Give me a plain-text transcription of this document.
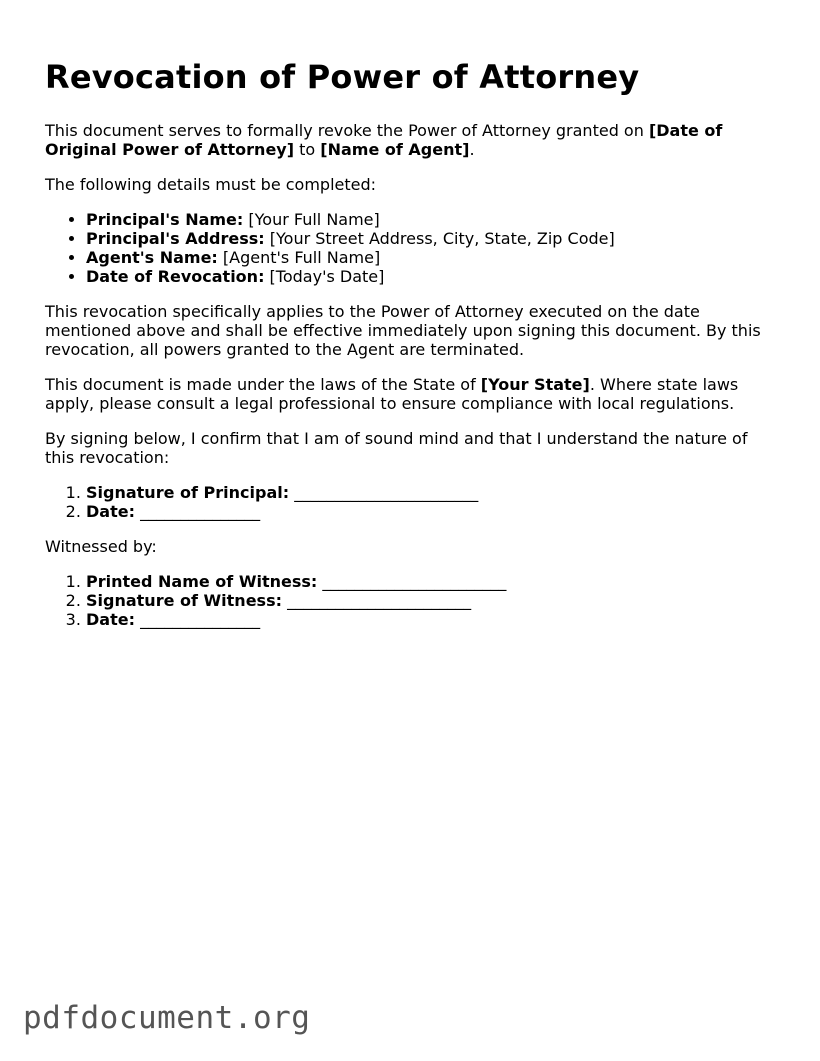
Revocation of Power of Attorney

This document serves to formally revoke the Power of Attorney granted on [Date of Original Power of Attorney] to [Name of Agent].

The following details must be completed:

• Principal's Name: [Your Full Name]
• Principal's Address: [Your Street Address, City, State, Zip Code]
• Agent's Name: [Agent's Full Name]
• Date of Revocation: [Today's Date]

This revocation specifically applies to the Power of Attorney executed on the date mentioned above and shall be effective immediately upon signing this document. By this revocation, all powers granted to the Agent are terminated.

This document is made under the laws of the State of [Your State]. Where state laws apply, please consult a legal professional to ensure compliance with local regulations.

By signing below, I confirm that I am of sound mind and that I understand the nature of this revocation:

1. Signature of Principal: _______________________
2. Date: _______________

Witnessed by:

1. Printed Name of Witness: _______________________
2. Signature of Witness: _______________________
3. Date: _______________
pdfdocument.org
